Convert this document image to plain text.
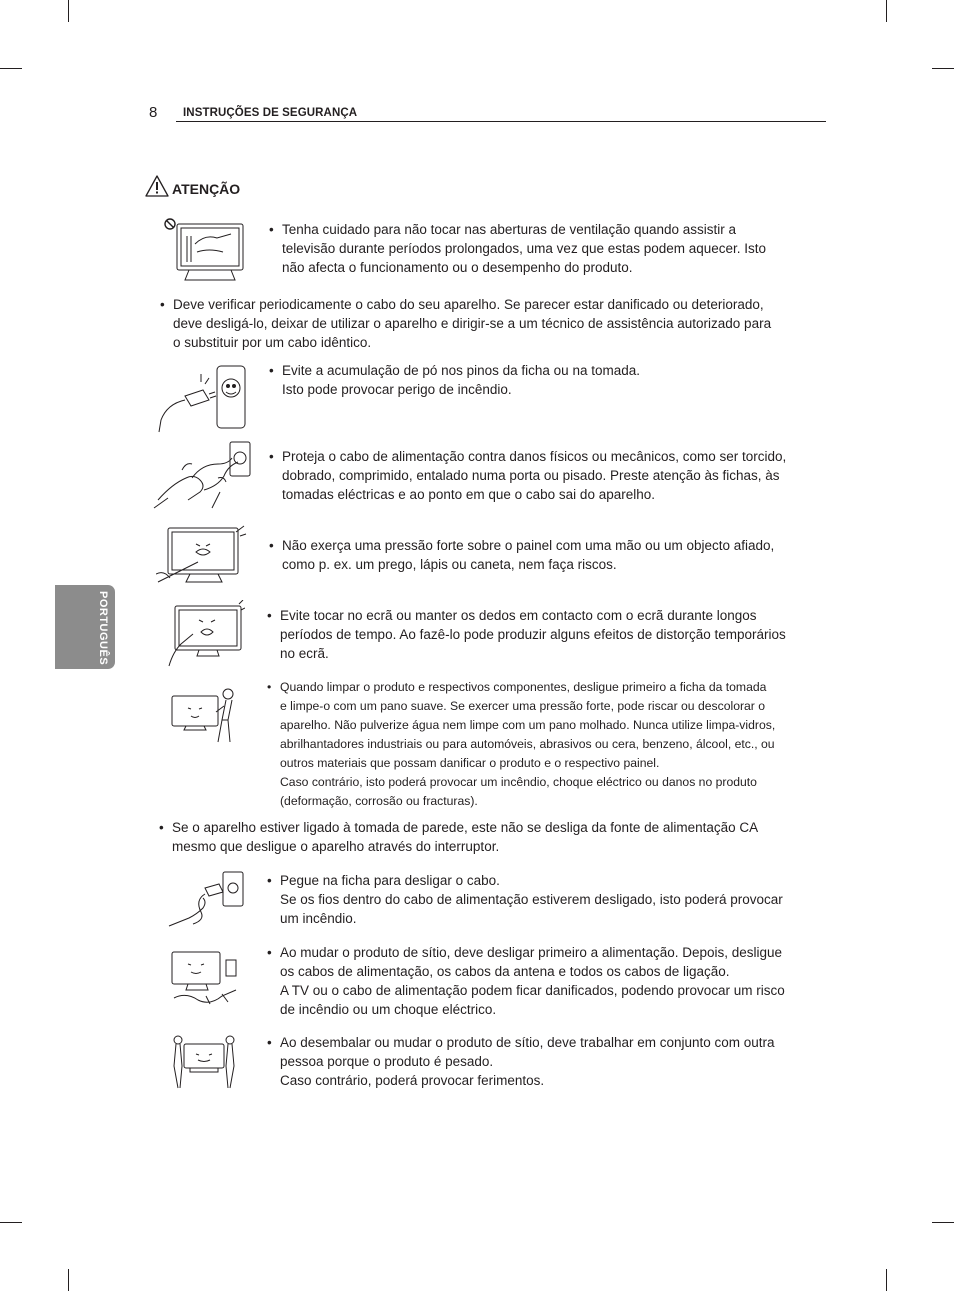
8 INSTRUÇÕES DE SEGURANÇA
PORTUGUÊS
ATENÇÃO
• Tenha cuidado para não tocar nas aberturas de ventilação quando assistir a
televisão durante períodos prolongados, uma vez que estas podem aquecer. Isto
não afecta o funcionamento ou o desempenho do produto.
• Deve verificar periodicamente o cabo do seu aparelho. Se parecer estar danificado ou deteriorado,
deve desligá-lo, deixar de utilizar o aparelho e dirigir-se a um técnico de assistência autorizado para
o substituir por um cabo idêntico.
• Evite a acumulação de pó nos pinos da ficha ou na tomada.
Isto pode provocar perigo de incêndio.
• Proteja o cabo de alimentação contra danos físicos ou mecânicos, como ser torcido,
dobrado, comprimido, entalado numa porta ou pisado. Preste atenção às fichas, às
tomadas eléctricas e ao ponto em que o cabo sai do aparelho.
• Não exerça uma pressão forte sobre o painel com uma mão ou um objecto afiado,
como p. ex. um prego, lápis ou caneta, nem faça riscos.
• Evite tocar no ecrã ou manter os dedos em contacto com o ecrã durante longos
períodos de tempo. Ao fazê-lo pode produzir alguns efeitos de distorção temporários
no ecrã.
• Quando limpar o produto e respectivos componentes, desligue primeiro a ficha da tomada
e limpe-o com um pano suave. Se exercer uma pressão forte, pode riscar ou descolorar o
aparelho. Não pulverize água nem limpe com um pano molhado. Nunca utilize limpa-vidros,
abrilhantadores industriais ou para automóveis, abrasivos ou cera, benzeno, álcool, etc., ou
outros materiais que possam danificar o produto e o respectivo painel.
Caso contrário, isto poderá provocar um incêndio, choque eléctrico ou danos no produto
(deformação, corrosão ou fracturas).
• Se o aparelho estiver ligado à tomada de parede, este não se desliga da fonte de alimentação CA
mesmo que desligue o aparelho através do interruptor.
• Pegue na ficha para desligar o cabo.
Se os fios dentro do cabo de alimentação estiverem desligado, isto poderá provocar
um incêndio.
• Ao mudar o produto de sítio, deve desligar primeiro a alimentação. Depois, desligue
os cabos de alimentação, os cabos da antena e todos os cabos de ligação.
A TV ou o cabo de alimentação podem ficar danificados, podendo provocar um risco
de incêndio ou um choque eléctrico.
• Ao desembalar ou mudar o produto de sítio, deve trabalhar em conjunto com outra
pessoa porque o produto é pesado.
Caso contrário, poderá provocar ferimentos.
